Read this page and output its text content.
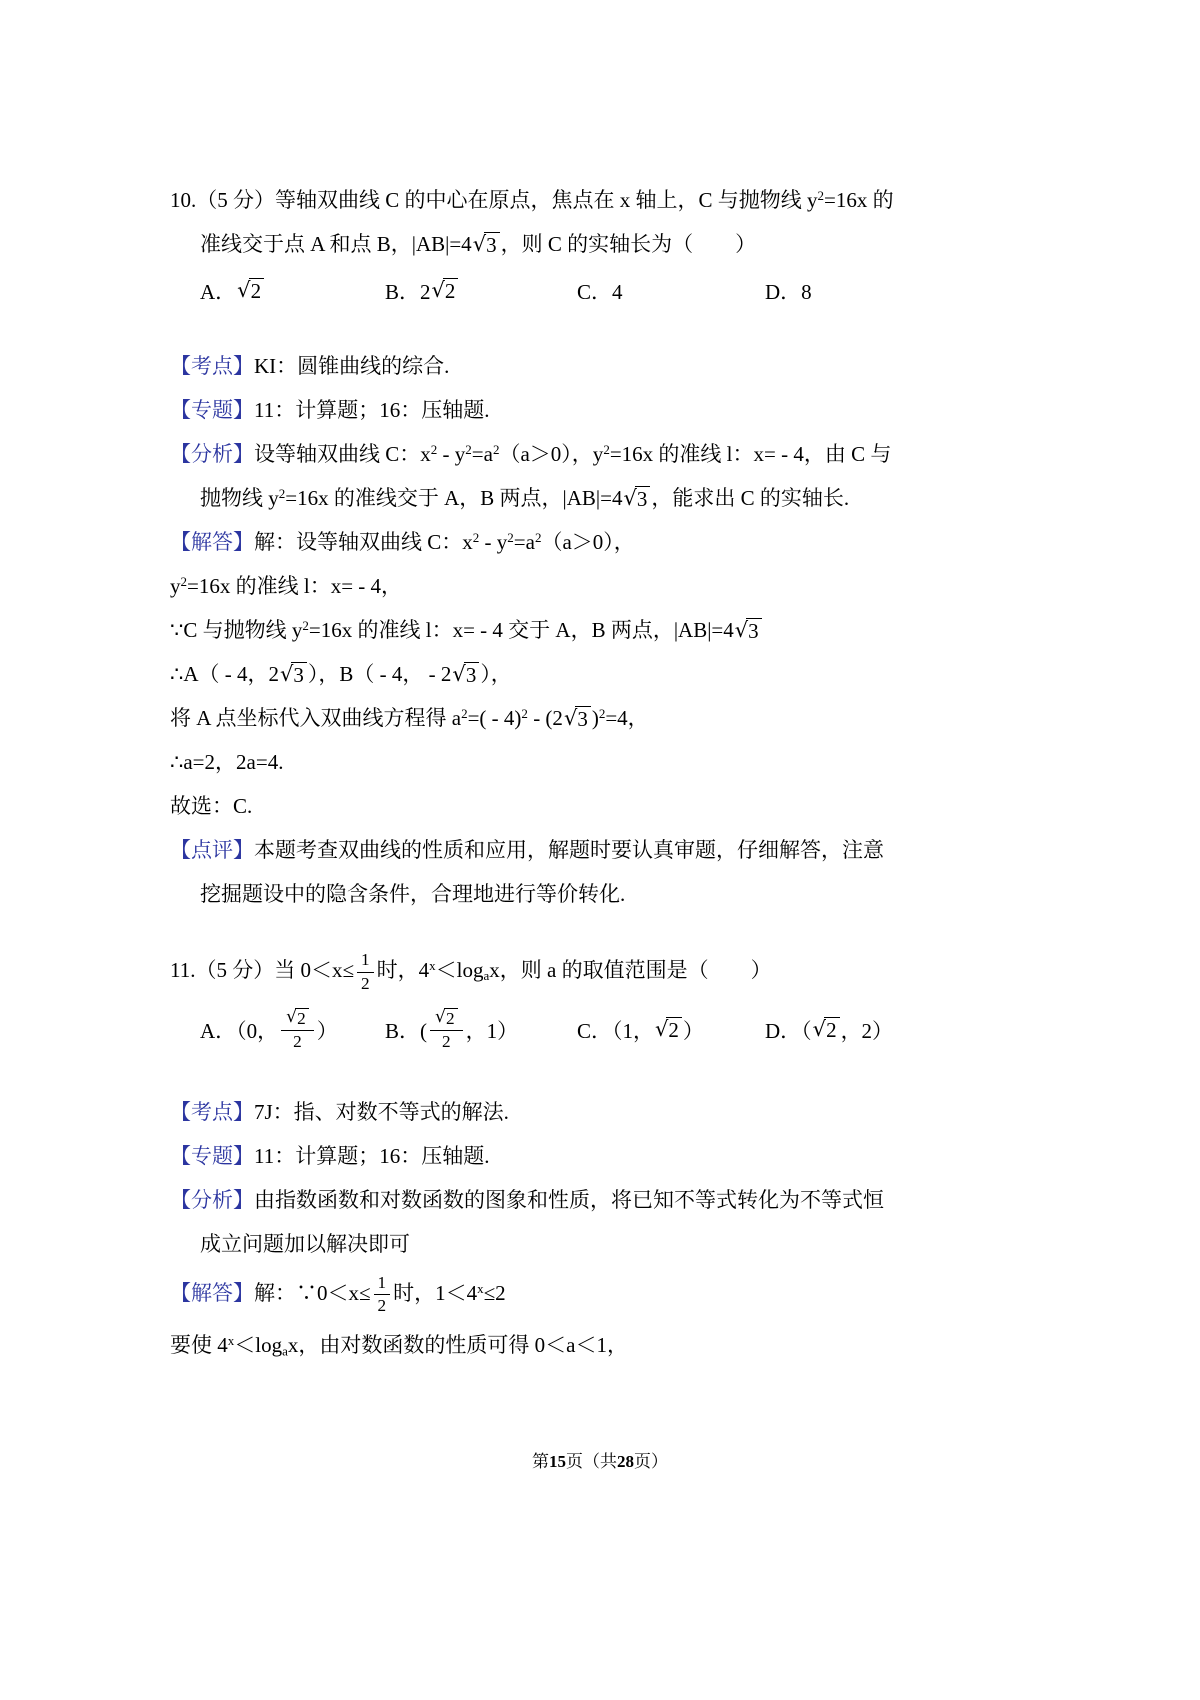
10.（5 分）等轴双曲线 C 的中心在原点，焦点在 x 轴上，C 与抛物线 $y^2=16x$ 的
准线交于点 A 和点 B，|AB|=4 √ 3 ，则 C 的实轴长为（　　）
A． √ 2	B．2 √ 2	C．4	D．8
【考点】KI：圆锥曲线的综合.
【专题】11：计算题；16：压轴题.
【分析】设等轴双曲线 C：$x^2 - y^2=a^2(a>0)$，$y^2=16x$ 的准线 l：x= - 4，由 C 与
抛物线 $y^2=16x$ 的准线交于 A，B 两点，|AB|=4 √ 3 ，能求出 C 的实轴长.
【解答】解：设等轴双曲线 C：$x^2 - y^2=a^2(a>0)$，
$y^2=16x$ 的准线 l：x= - 4，
∵C 与抛物线 $y^2=16x$ 的准线 l：x= - 4 交于 A，B 两点，|AB|=4 √ 3
∴A（ - 4，2 √ 3 ），B（ - 4， - 2 √ 3 ），
将 A 点坐标代入双曲线方程得 $a^2=( - 4)^2 - (2$ √ 3 )$^2$=4，
∴a=2，2a=4.
故选：C.
【点评】本题考查双曲线的性质和应用，解题时要认真审题，仔细解答，注意
挖掘题设中的隐含条件，合理地进行等价转化.
11.（5 分）当 $0<x\le \frac{1}{2}$ 时，$4^x<\log_ax$，则 a 的取值范围是（　　）
A．（0， $\frac{√ 2}{2}$ ）	B．( $\frac{√ 2}{2}$ ，1）	C．（1， √ 2 ）	D．（ √ 2 ，2）
【考点】7J：指、对数不等式的解法.
【专题】11：计算题；16：压轴题.
【分析】由指数函数和对数函数的图象和性质，将已知不等式转化为不等式恒
成立问题加以解决即可
【解答】解：∵0＜x≤ $\frac{1}{2}$ 时，$1<4^x\le 2$
要使 $4^x<\log_ax$，由对数函数的性质可得 0＜a＜1，
第15页（共28页）
